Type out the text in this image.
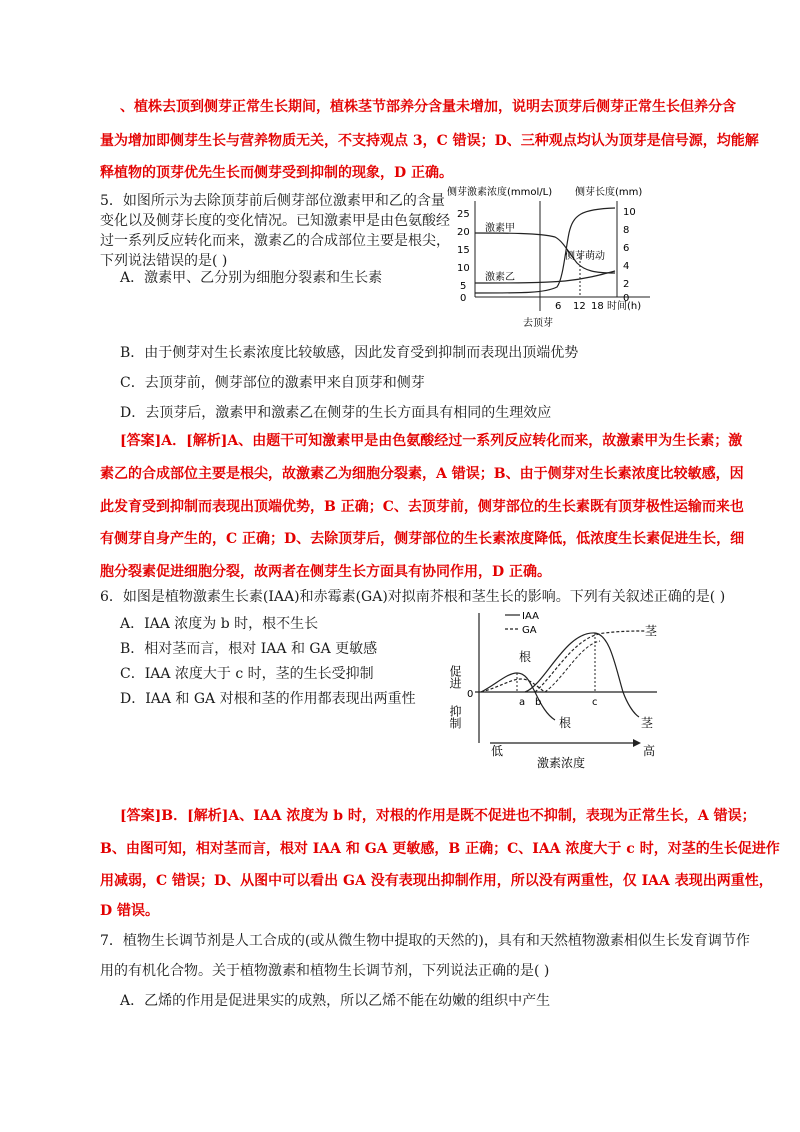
、植株去顶到侧芽正常生长期间，植株茎节部养分含量未增加，说明去顶芽后侧芽正常生长但养分含
量为增加即侧芽生长与营养物质无关，不支持观点 3，C 错误；D、三种观点均认为顶芽是信号源，均能解
释植物的顶芽优先生长而侧芽受到抑制的现象，D 正确。
5．如图所示为去除顶芽前后侧芽部位激素甲和乙的含量
变化以及侧芽长度的变化情况。已知激素甲是由色氨酸经
过一系列反应转化而来，激素乙的合成部位主要是根尖，
下列说法错误的是( )
A．激素甲、乙分别为细胞分裂素和生长素
侧芽激素浓度(mmol/L) 侧芽长度(mm)
25
20
15
10
5
0
10
8
6
4
2
0
激素甲
激素乙
侧芽萌动
6 12 18 时间(h)
去顶芽
B．由于侧芽对生长素浓度比较敏感，因此发育受到抑制而表现出顶端优势
C．去顶芽前，侧芽部位的激素甲来自顶芽和侧芽
D．去顶芽后，激素甲和激素乙在侧芽的生长方面具有相同的生理效应
[答案]A．[解析]A、由题干可知激素甲是由色氨酸经过一系列反应转化而来，故激素甲为生长素；激
素乙的合成部位主要是根尖，故激素乙为细胞分裂素，A 错误；B、由于侧芽对生长素浓度比较敏感，因
此发育受到抑制而表现出顶端优势，B 正确；C、去顶芽前，侧芽部位的生长素既有顶芽极性运输而来也
有侧芽自身产生的，C 正确；D、去除顶芽后，侧芽部位的生长素浓度降低，低浓度生长素促进生长，细
胞分裂素促进细胞分裂，故两者在侧芽生长方面具有协同作用，D 正确。
6．如图是植物激素生长素(IAA)和赤霉素(GA)对拟南芥根和茎生长的影响。下列有关叙述正确的是( )
A．IAA 浓度为 b 时，根不生长
B．相对茎而言，根对 IAA 和 GA 更敏感
C．IAA 浓度大于 c 时，茎的生长受抑制
D．IAA 和 GA 对根和茎的作用都表现出两重性
IAA
GA
促进
抑制
0
根
茎
根	茎
a b	c
低	高
激素浓度
[答案]B．[解析]A、IAA 浓度为 b 时，对根的作用是既不促进也不抑制，表现为正常生长，A 错误；
B、由图可知，相对茎而言，根对 IAA 和 GA 更敏感，B 正确；C、IAA 浓度大于 c 时，对茎的生长促进作
用减弱，C 错误；D、从图中可以看出 GA 没有表现出抑制作用，所以没有两重性，仅 IAA 表现出两重性，
D 错误。
7．植物生长调节剂是人工合成的(或从微生物中提取的天然的)，具有和天然植物激素相似生长发育调节作
用的有机化合物。关于植物激素和植物生长调节剂，下列说法正确的是( )
A．乙烯的作用是促进果实的成熟，所以乙烯不能在幼嫩的组织中产生
